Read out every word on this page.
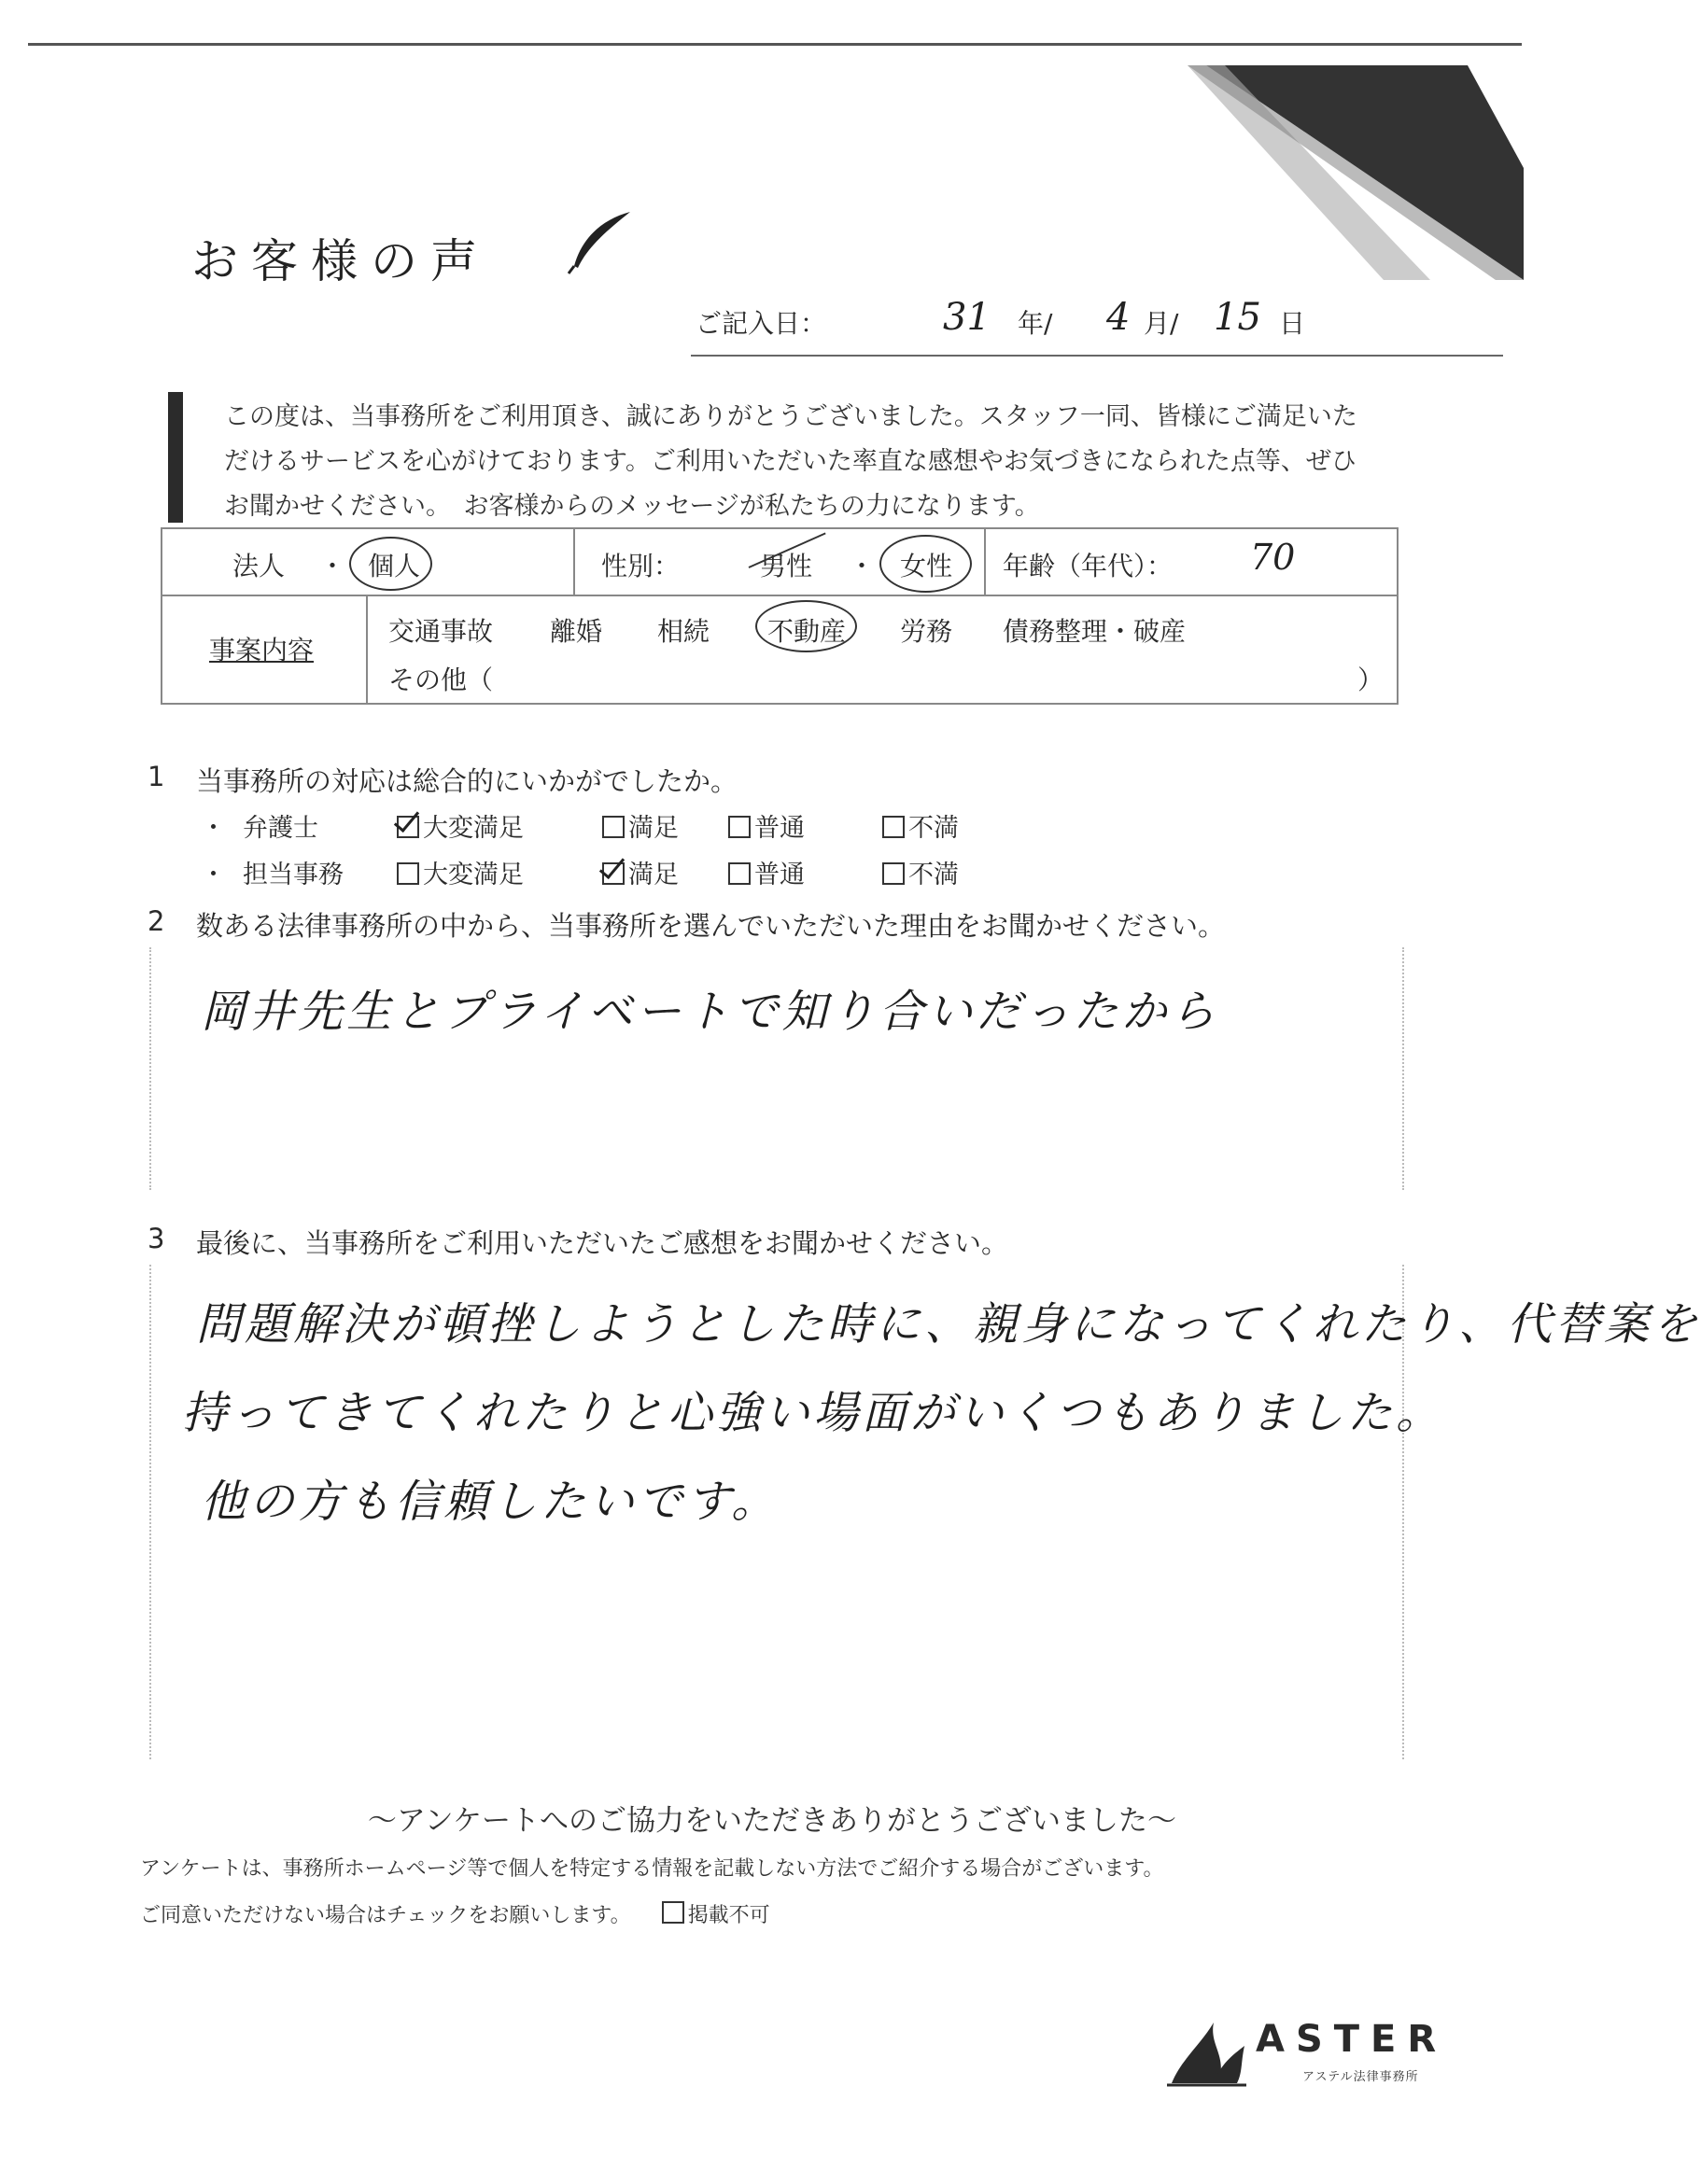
お客様の声
ご記入日：	31 年/ 4 月/ 15 日
この度は、当事務所をご利用頂き、誠にありがとうございました。スタッフ一同、皆様にご満足いた
だけるサービスを心がけております。ご利用いただいた率直な感想やお気づきになられた点等、ぜひ
お聞かせください。　お客様からのメッセージが私たちの力になります。
法人 ・ 個人	性別：	男性 ・ 女性 年齢（年代）： 70
事案内容
交通事故 離婚 相続 不動産 労務 債務整理・破産
その他（	）
1 当事務所の対応は総合的にいかがでしたか。
・ 弁護士	大変満足	満足	普通	不満
・ 担当事務	大変満足	満足	普通	不満
2 数ある法律事務所の中から、当事務所を選んでいただいた理由をお聞かせください。
岡井先生とプライベートで知り合いだったから
3 最後に、当事務所をご利用いただいたご感想をお聞かせください。
問題解決が頓挫しようとした時に、親身になってくれたり、代替案を
持ってきてくれたりと心強い場面がいくつもありました。
他の方も信頼したいです。
～アンケートへのご協力をいただきありがとうございました～
アンケートは、事務所ホームページ等で個人を特定する情報を記載しない方法でご紹介する場合がございます。
ご同意いただけない場合はチェックをお願いします。	掲載不可
ASTER
アステル法律事務所
